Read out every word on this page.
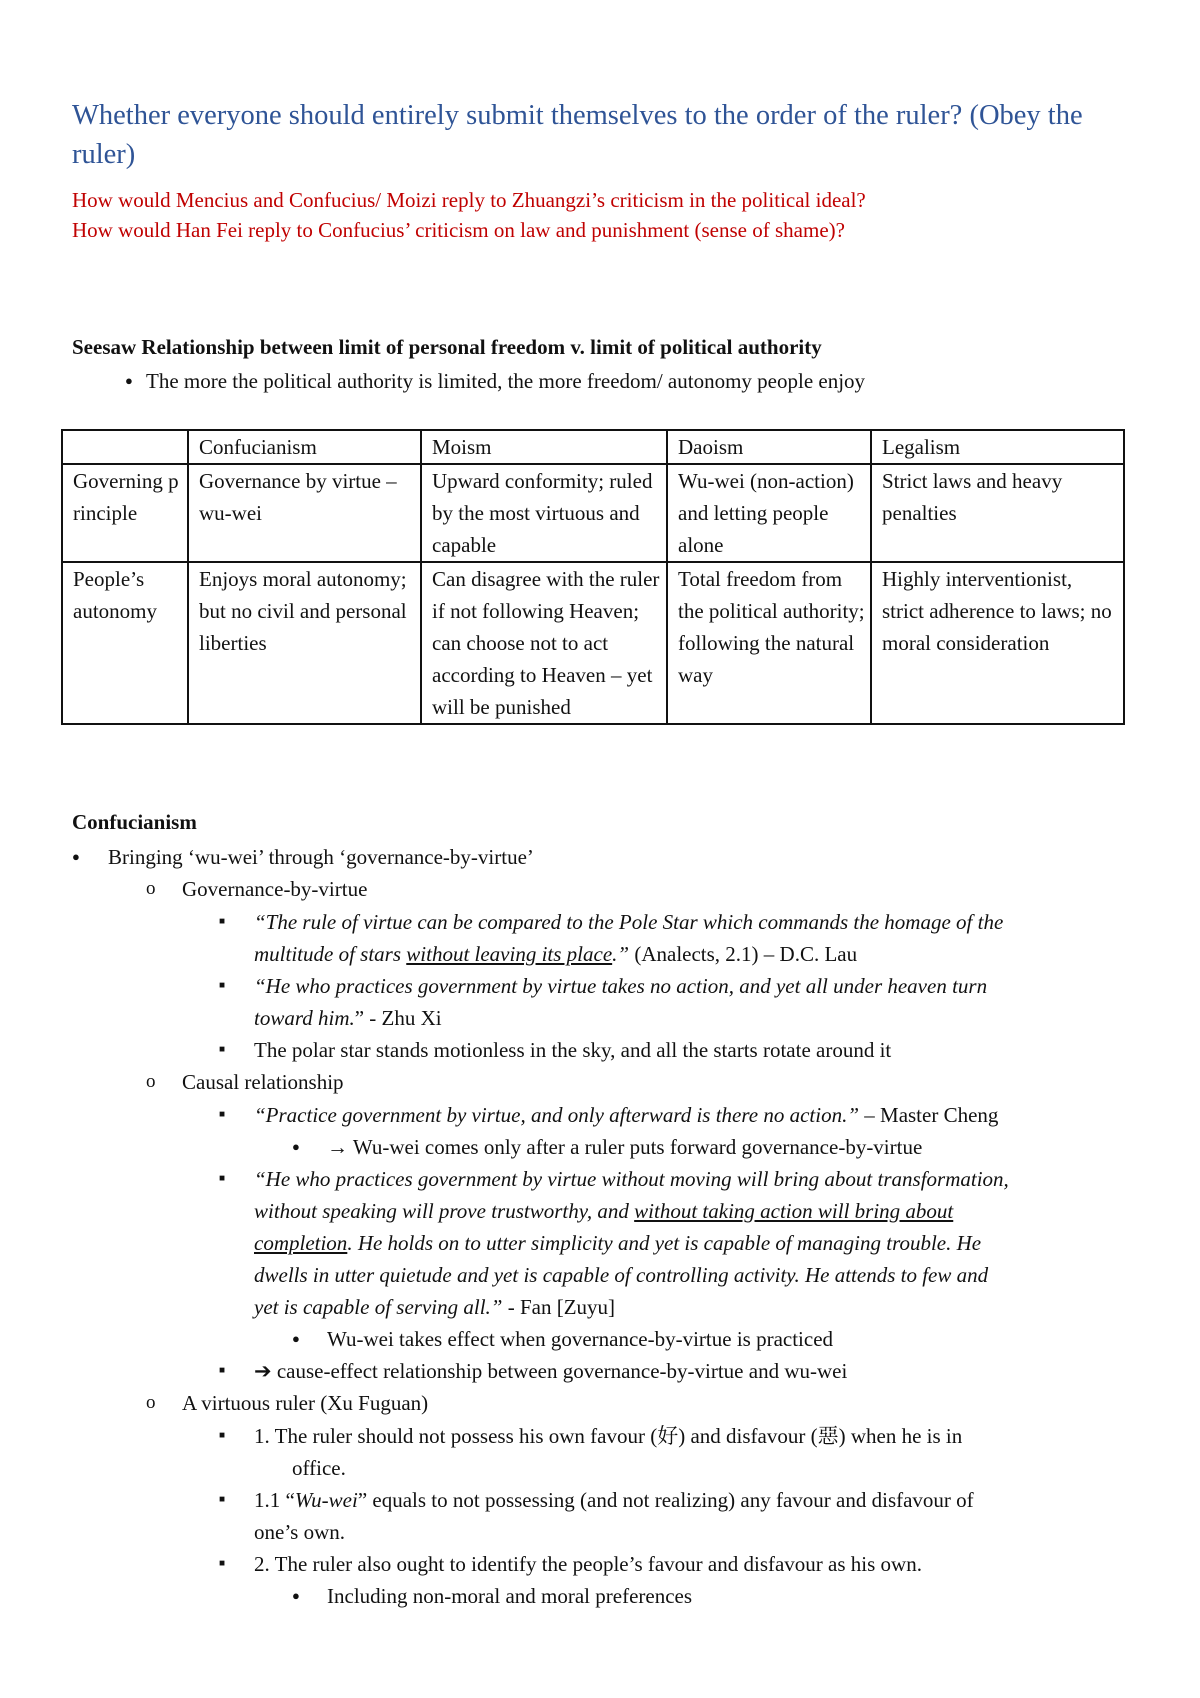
Whether everyone should entirely submit themselves to the order of the ruler? (Obey the ruler)

How would Mencius and Confucius/ Moizi reply to Zhuangzi’s criticism in the political ideal?

How would Han Fei reply to Confucius’ criticism on law and punishment (sense of shame)?

Seesaw Relationship between limit of personal freedom v. limit of political authority

● The more the political authority is limited, the more freedom/ autonomy people enjoy

	Confucianism	Moism	Daoism	Legalism
Governing principle	Governance by virtue – wu-wei	Upward conformity; ruled by the most virtuous and capable	Wu-wei (non-action) and letting people alone	Strict laws and heavy penalties
People’s autonomy	Enjoys moral autonomy; but no civil and personal liberties	Can disagree with the ruler if not following Heaven; can choose not to act according to Heaven – yet will be punished	Total freedom from the political authority; following the natural way	Highly interventionist, strict adherence to laws; no moral consideration

Confucianism

● Bringing ‘wu-wei’ through ‘governance-by-virtue’

o Governance-by-virtue

■ “The rule of virtue can be compared to the Pole Star which commands the homage of the

multitude of stars without leaving its place.” (Analects, 2.1) – D.C. Lau

■ “He who practices government by virtue takes no action, and yet all under heaven turn

toward him.” - Zhu Xi

■ The polar star stands motionless in the sky, and all the starts rotate around it

o Causal relationship

■ “Practice government by virtue, and only afterward is there no action.” – Master Cheng

● → Wu-wei comes only after a ruler puts forward governance-by-virtue

■ “He who practices government by virtue without moving will bring about transformation,

without speaking will prove trustworthy, and without taking action will bring about

completion. He holds on to utter simplicity and yet is capable of managing trouble. He

dwells in utter quietude and yet is capable of controlling activity. He attends to few and

yet is capable of serving all.” - Fan [Zuyu]

● Wu-wei takes effect when governance-by-virtue is practiced

■ ➔ cause-effect relationship between governance-by-virtue and wu-wei

o A virtuous ruler (Xu Fuguan)

■ 1. The ruler should not possess his own favour (好) and disfavour (惡) when he is in

office.

■ 1.1 “Wu-wei” equals to not possessing (and not realizing) any favour and disfavour of

one’s own.

■ 2. The ruler also ought to identify the people’s favour and disfavour as his own.

● Including non-moral and moral preferences
